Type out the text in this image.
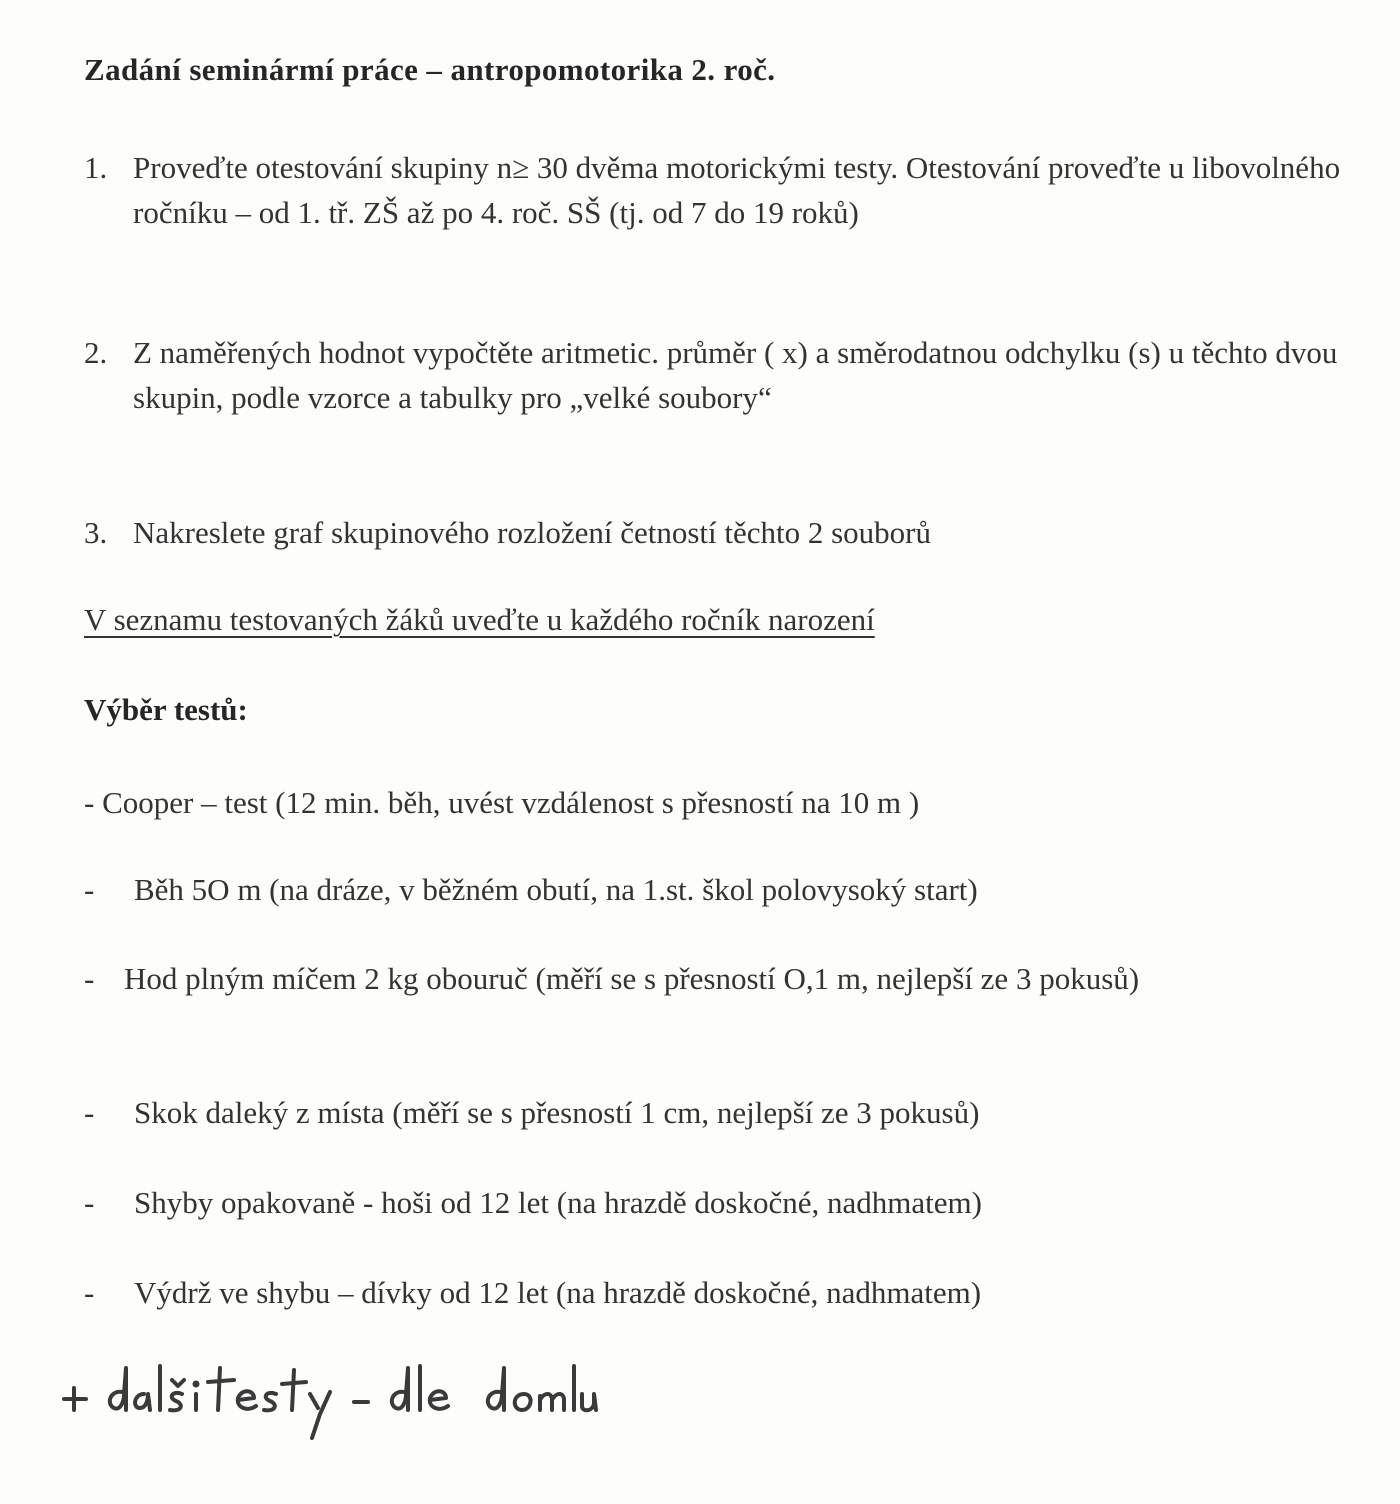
Zadání seminármí práce – antropomotorika 2. roč.
1. Proveďte otestování skupiny n≥ 30 dvěma motorickými testy. Otestování proveďte u libovolného ročníku – od 1. tř. ZŠ až po 4. roč. SŠ (tj. od 7 do 19 roků)
2. Z naměřených hodnot vypočtěte aritmetic. průměr ( x) a směrodatnou odchylku (s) u těchto dvou skupin, podle vzorce a tabulky pro „velké soubory“
3. Nakreslete graf skupinového rozložení četností těchto 2 souborů
V seznamu testovaných žáků uveďte u každého ročník narození
Výběr testů:
- Cooper – test (12 min. běh, uvést vzdálenost s přesností na 10 m )
- Běh 5O m (na dráze, v běžném obutí, na 1.st. škol polovysoký start)
- Hod plným míčem 2 kg obouruč (měří se s přesností O,1 m, nejlepší ze 3 pokusů)
- Skok daleký z místa (měří se s přesností 1 cm, nejlepší ze 3 pokusů)
- Shyby opakovaně - hoši od 12 let (na hrazdě doskočné, nadhmatem)
- Výdrž ve shybu – dívky od 12 let (na hrazdě doskočné, nadhmatem)
